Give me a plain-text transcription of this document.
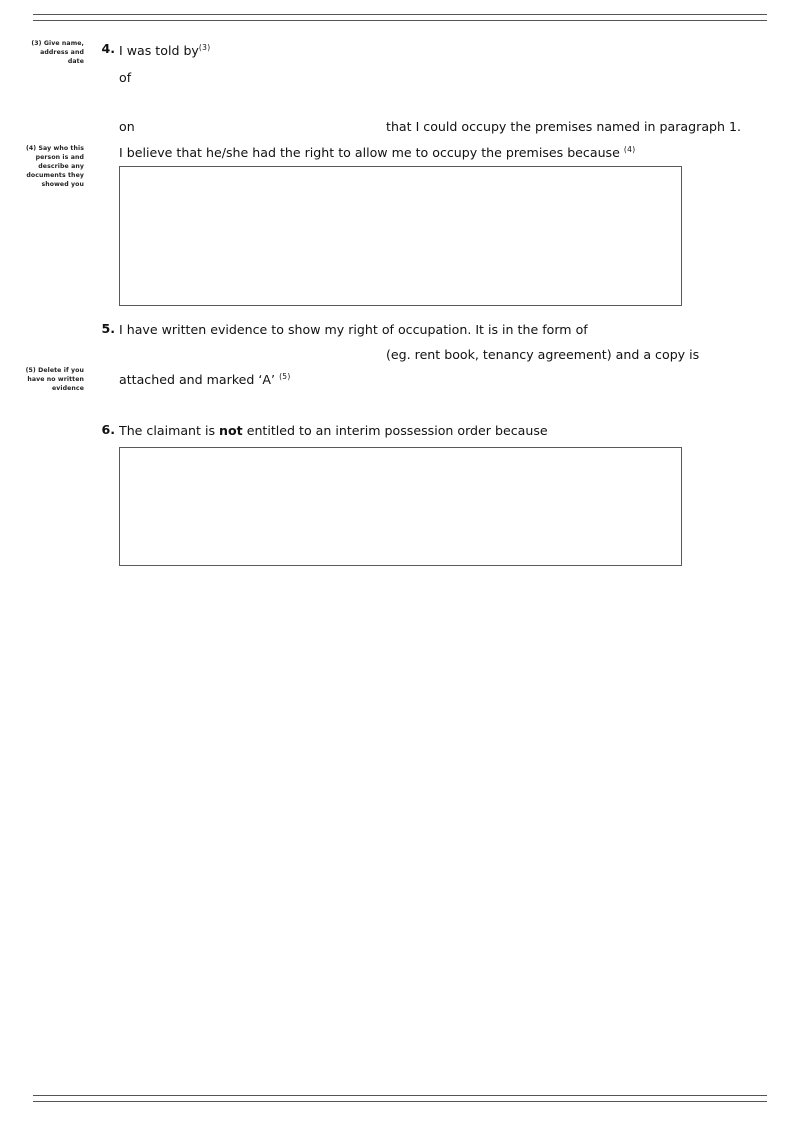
(3) Give name, address and date
(4) Say who this person is and describe any documents they showed you
(5) Delete if you have no written evidence
4. I was told $by^{(3)}$
of
on	that I could occupy the premises named in paragraph 1.
I believe that he/she had the right to allow me to occupy the premises because $^{(4)}$
5. I have written evidence to show my right of occupation. It is in the form of
(eg. rent book, tenancy agreement) and a copy is
attached and marked ‘A’ $^{(5)}$
6. The claimant is not entitled to an interim possession order because
